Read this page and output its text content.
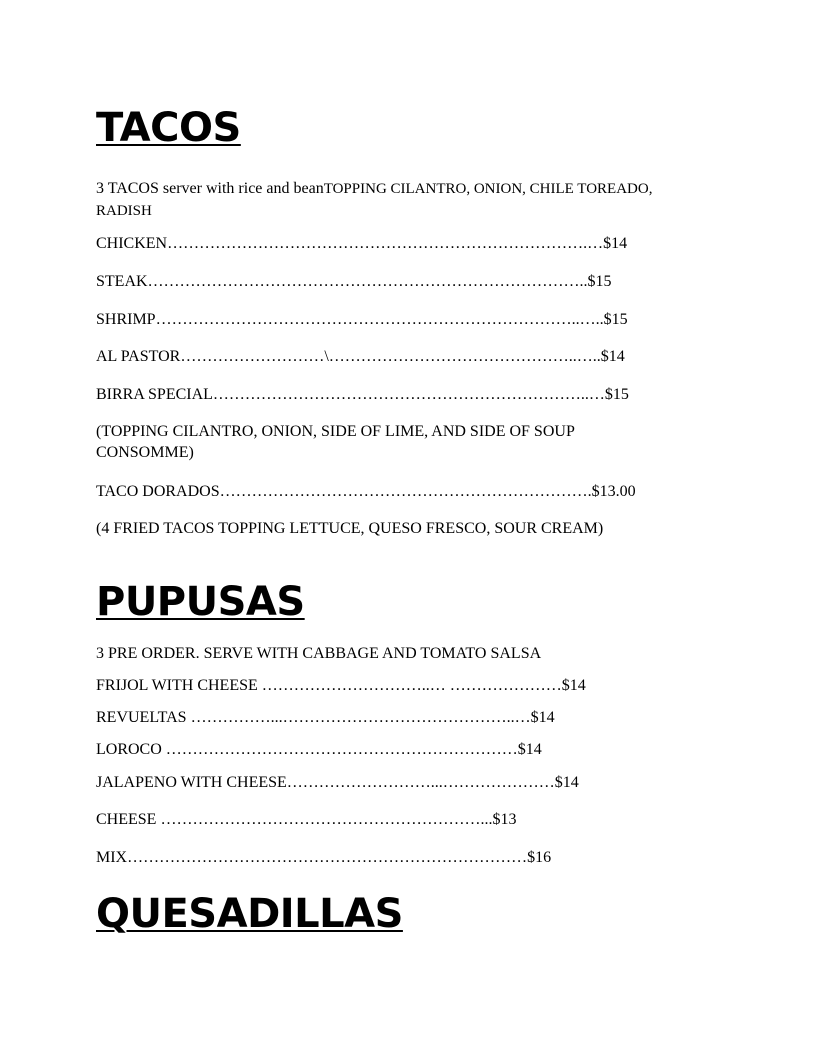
TACOS

3 TACOS server with rice and beanTOPPING CILANTRO, ONION, CHILE TOREADO, RADISH

CHICKEN…………………………………………………………………….…$14

STEAK………………………………………………………………………..$15

SHRIMP……………………………………………………………………..…..$15

AL PASTOR………………………\………………………………………..…..$14

BIRRA SPECIAL……………………………………………………………..…$15

(TOPPING CILANTRO, ONION, SIDE OF LIME, AND SIDE OF SOUP CONSOMME)

TACO DORADOS…………………………………………………………….$13.00

(4 FRIED TACOS TOPPING LETTUCE, QUESO FRESCO, SOUR CREAM)

PUPUSAS

3 PRE ORDER. SERVE WITH CABBAGE AND TOMATO SALSA

FRIJOL WITH CHEESE …………………………..… …………………$14

REVUELTAS ……………...……………………………………..…$14

LOROCO …………………………………………………………$14

JALAPENO WITH CHEESE………………………...…………………$14

CHEESE ……………………………………………………...$13

MIX…………………………………………………………………$16

QUESADILLAS
